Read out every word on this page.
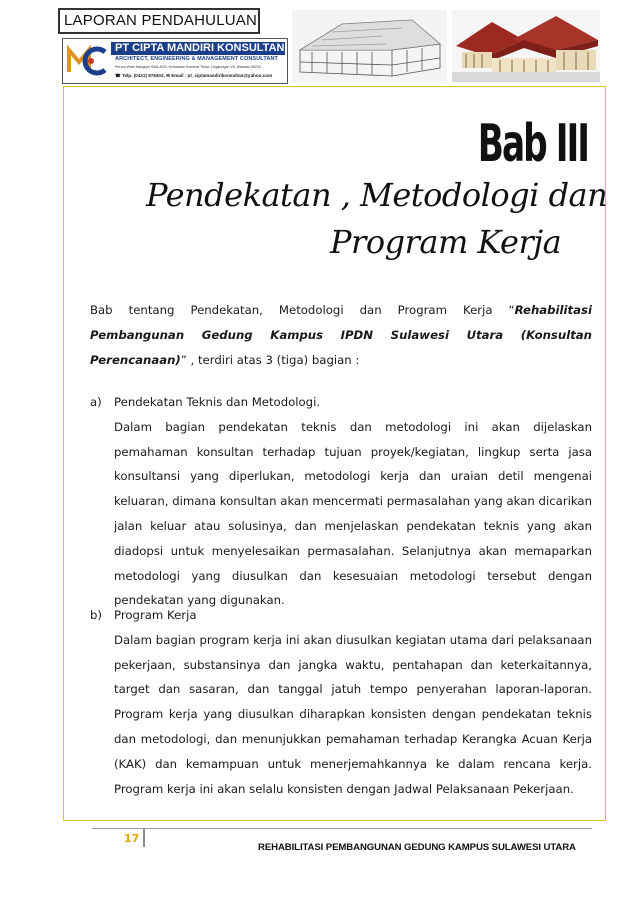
LAPORAN PENDAHULUAN
PT CIPTA MANDIRI KONSULTAN
ARCHITECT, ENGINEERING & MANAGEMENT CONSULTANT
Perum Wale Manguni, Blok A/03, Kelurahan Kombos Timur, Lingkungan VII, Manado 95232
☎ Telp. (0431) 876302, ✉ Email : pt_ciptamandirikonsultan@yahoo.com
Bab III
Pendekatan , Metodologi dan
Program Kerja
Bab tentang Pendekatan, Metodologi dan Program Kerja “Rehabilitasi Pembangunan Gedung Kampus IPDN Sulawesi Utara (Konsultan Perencanaan)” , terdiri atas 3 (tiga) bagian :
a) Pendekatan Teknis dan Metodologi.
Dalam bagian pendekatan teknis dan metodologi ini akan dijelaskan pemahaman konsultan terhadap tujuan proyek/kegiatan, lingkup serta jasa konsultansi yang diperlukan, metodologi kerja dan uraian detil mengenai keluaran, dimana konsultan akan mencermati permasalahan yang akan dicarikan jalan keluar atau solusinya, dan menjelaskan pendekatan teknis yang akan diadopsi untuk menyelesaikan permasalahan. Selanjutnya akan memaparkan metodologi yang diusulkan dan kesesuaian metodologi tersebut dengan pendekatan yang digunakan.
b) Program Kerja
Dalam bagian program kerja ini akan diusulkan kegiatan utama dari pelaksanaan pekerjaan, substansinya dan jangka waktu, pentahapan dan keterkaitannya, target dan sasaran, dan tanggal jatuh tempo penyerahan laporan-laporan. Program kerja yang diusulkan diharapkan konsisten dengan pendekatan teknis dan metodologi, dan menunjukkan pemahaman terhadap Kerangka Acuan Kerja (KAK) dan kemampuan untuk menerjemahkannya ke dalam rencana kerja. Program kerja ini akan selalu konsisten dengan Jadwal Pelaksanaan Pekerjaan.
17
REHABILITASI PEMBANGUNAN GEDUNG KAMPUS SULAWESI UTARA
